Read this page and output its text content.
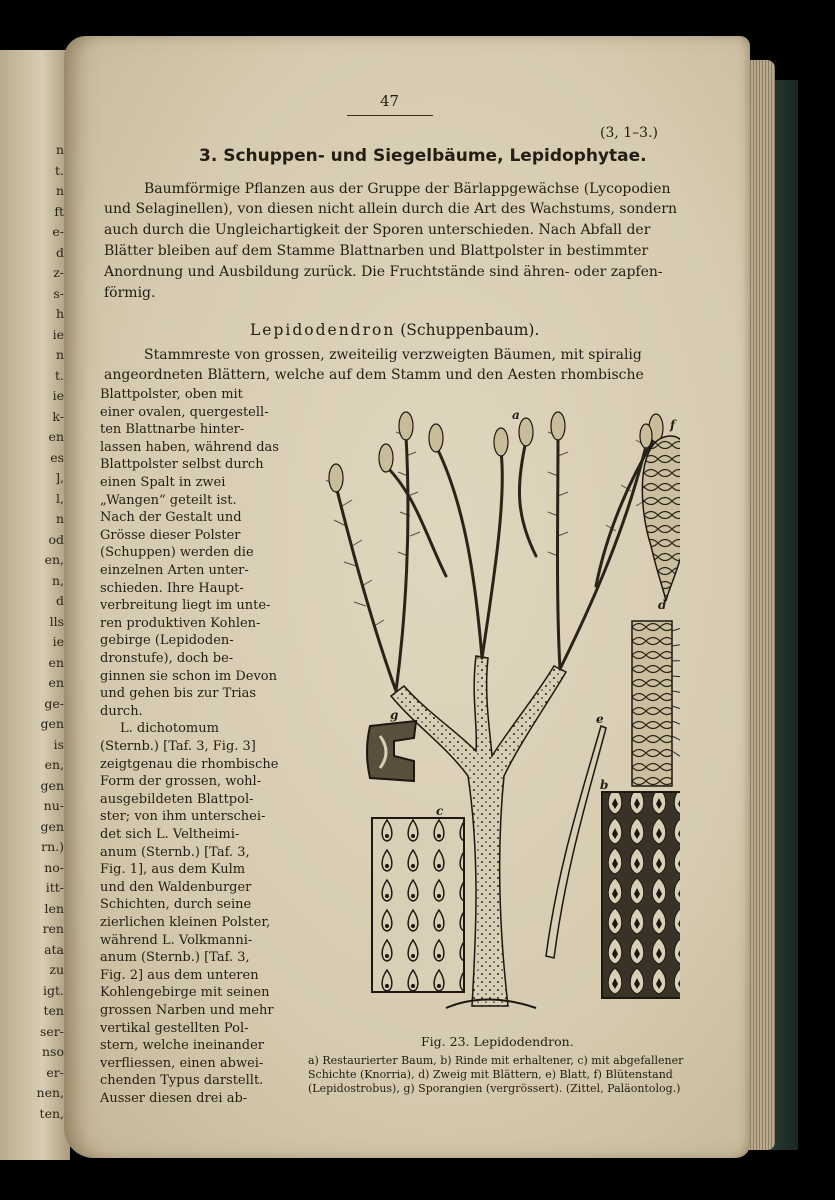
n
t.
n
ft
e-
d
z-
s-
h
ie
n
t.
ie
k-
en
es
],
l,
n
od
en,
n,
d
lls
ie
en
en
ge-
gen
is
en,
gen
nu-
gen
rn.)
no-
itt-
len
ren
ata
zu
igt.
ten
ser-
nso
er-
nen,
ten,
47
(3, 1–3.)
3. Schuppen- und Siegelbäume, Lepidophytae.
Baumförmige Pflanzen aus der Gruppe der Bärlappgewächse (Lycopodien
und Selaginellen), von diesen nicht allein durch die Art des Wachstums, sondern
auch durch die Ungleichartigkeit der Sporen unterschieden. Nach Abfall der
Blätter bleiben auf dem Stamme Blattnarben und Blattpolster in bestimmter
Anordnung und Ausbildung zurück. Die Fruchtstände sind ähren- oder zapfen-
förmig.
Lepidodendron (Schuppenbaum).
Stammreste von grossen, zweiteilig verzweigten Bäumen, mit spiralig
angeordneten Blättern, welche auf dem Stamm und den Aesten rhombische
Blattpolster, oben mit
einer ovalen, quergestell-
ten Blattnarbe hinter-
lassen haben, während das
Blattpolster selbst durch
einen Spalt in zwei
„Wangen“ geteilt ist.
Nach der Gestalt und
Grösse dieser Polster
(Schuppen) werden die
einzelnen Arten unter-
schieden. Ihre Haupt-
verbreitung liegt im unte-
ren produktiven Kohlen-
gebirge (Lepidoden-
dronstufe), doch be-
ginnen sie schon im Devon
und gehen bis zur Trias
durch.
L. dichotomum
(Sternb.) [Taf. 3, Fig. 3]
zeigtgenau die rhombische
Form der grossen, wohl-
ausgebildeten Blattpol-
ster; von ihm unterschei-
det sich L. Veltheimi-
anum (Sternb.) [Taf. 3,
Fig. 1], aus dem Kulm
und den Waldenburger
Schichten, durch seine
zierlichen kleinen Polster,
während L. Volkmanni-
anum (Sternb.) [Taf. 3,
Fig. 2] aus dem unteren
Kohlengebirge mit seinen
grossen Narben und mehr
vertikal gestellten Pol-
stern, welche ineinander
verfliessen, einen abwei-
chenden Typus darstellt.
Ausser diesen drei ab-
a
f
d
e
g
c
b
Fig. 23. Lepidodendron.
a) Restaurierter Baum, b) Rinde mit erhaltener, c) mit abgefallener
Schichte (Knorria), d) Zweig mit Blättern, e) Blatt, f) Blütenstand
(Lepidostrobus), g) Sporangien (vergrössert). (Zittel, Paläontolog.)
